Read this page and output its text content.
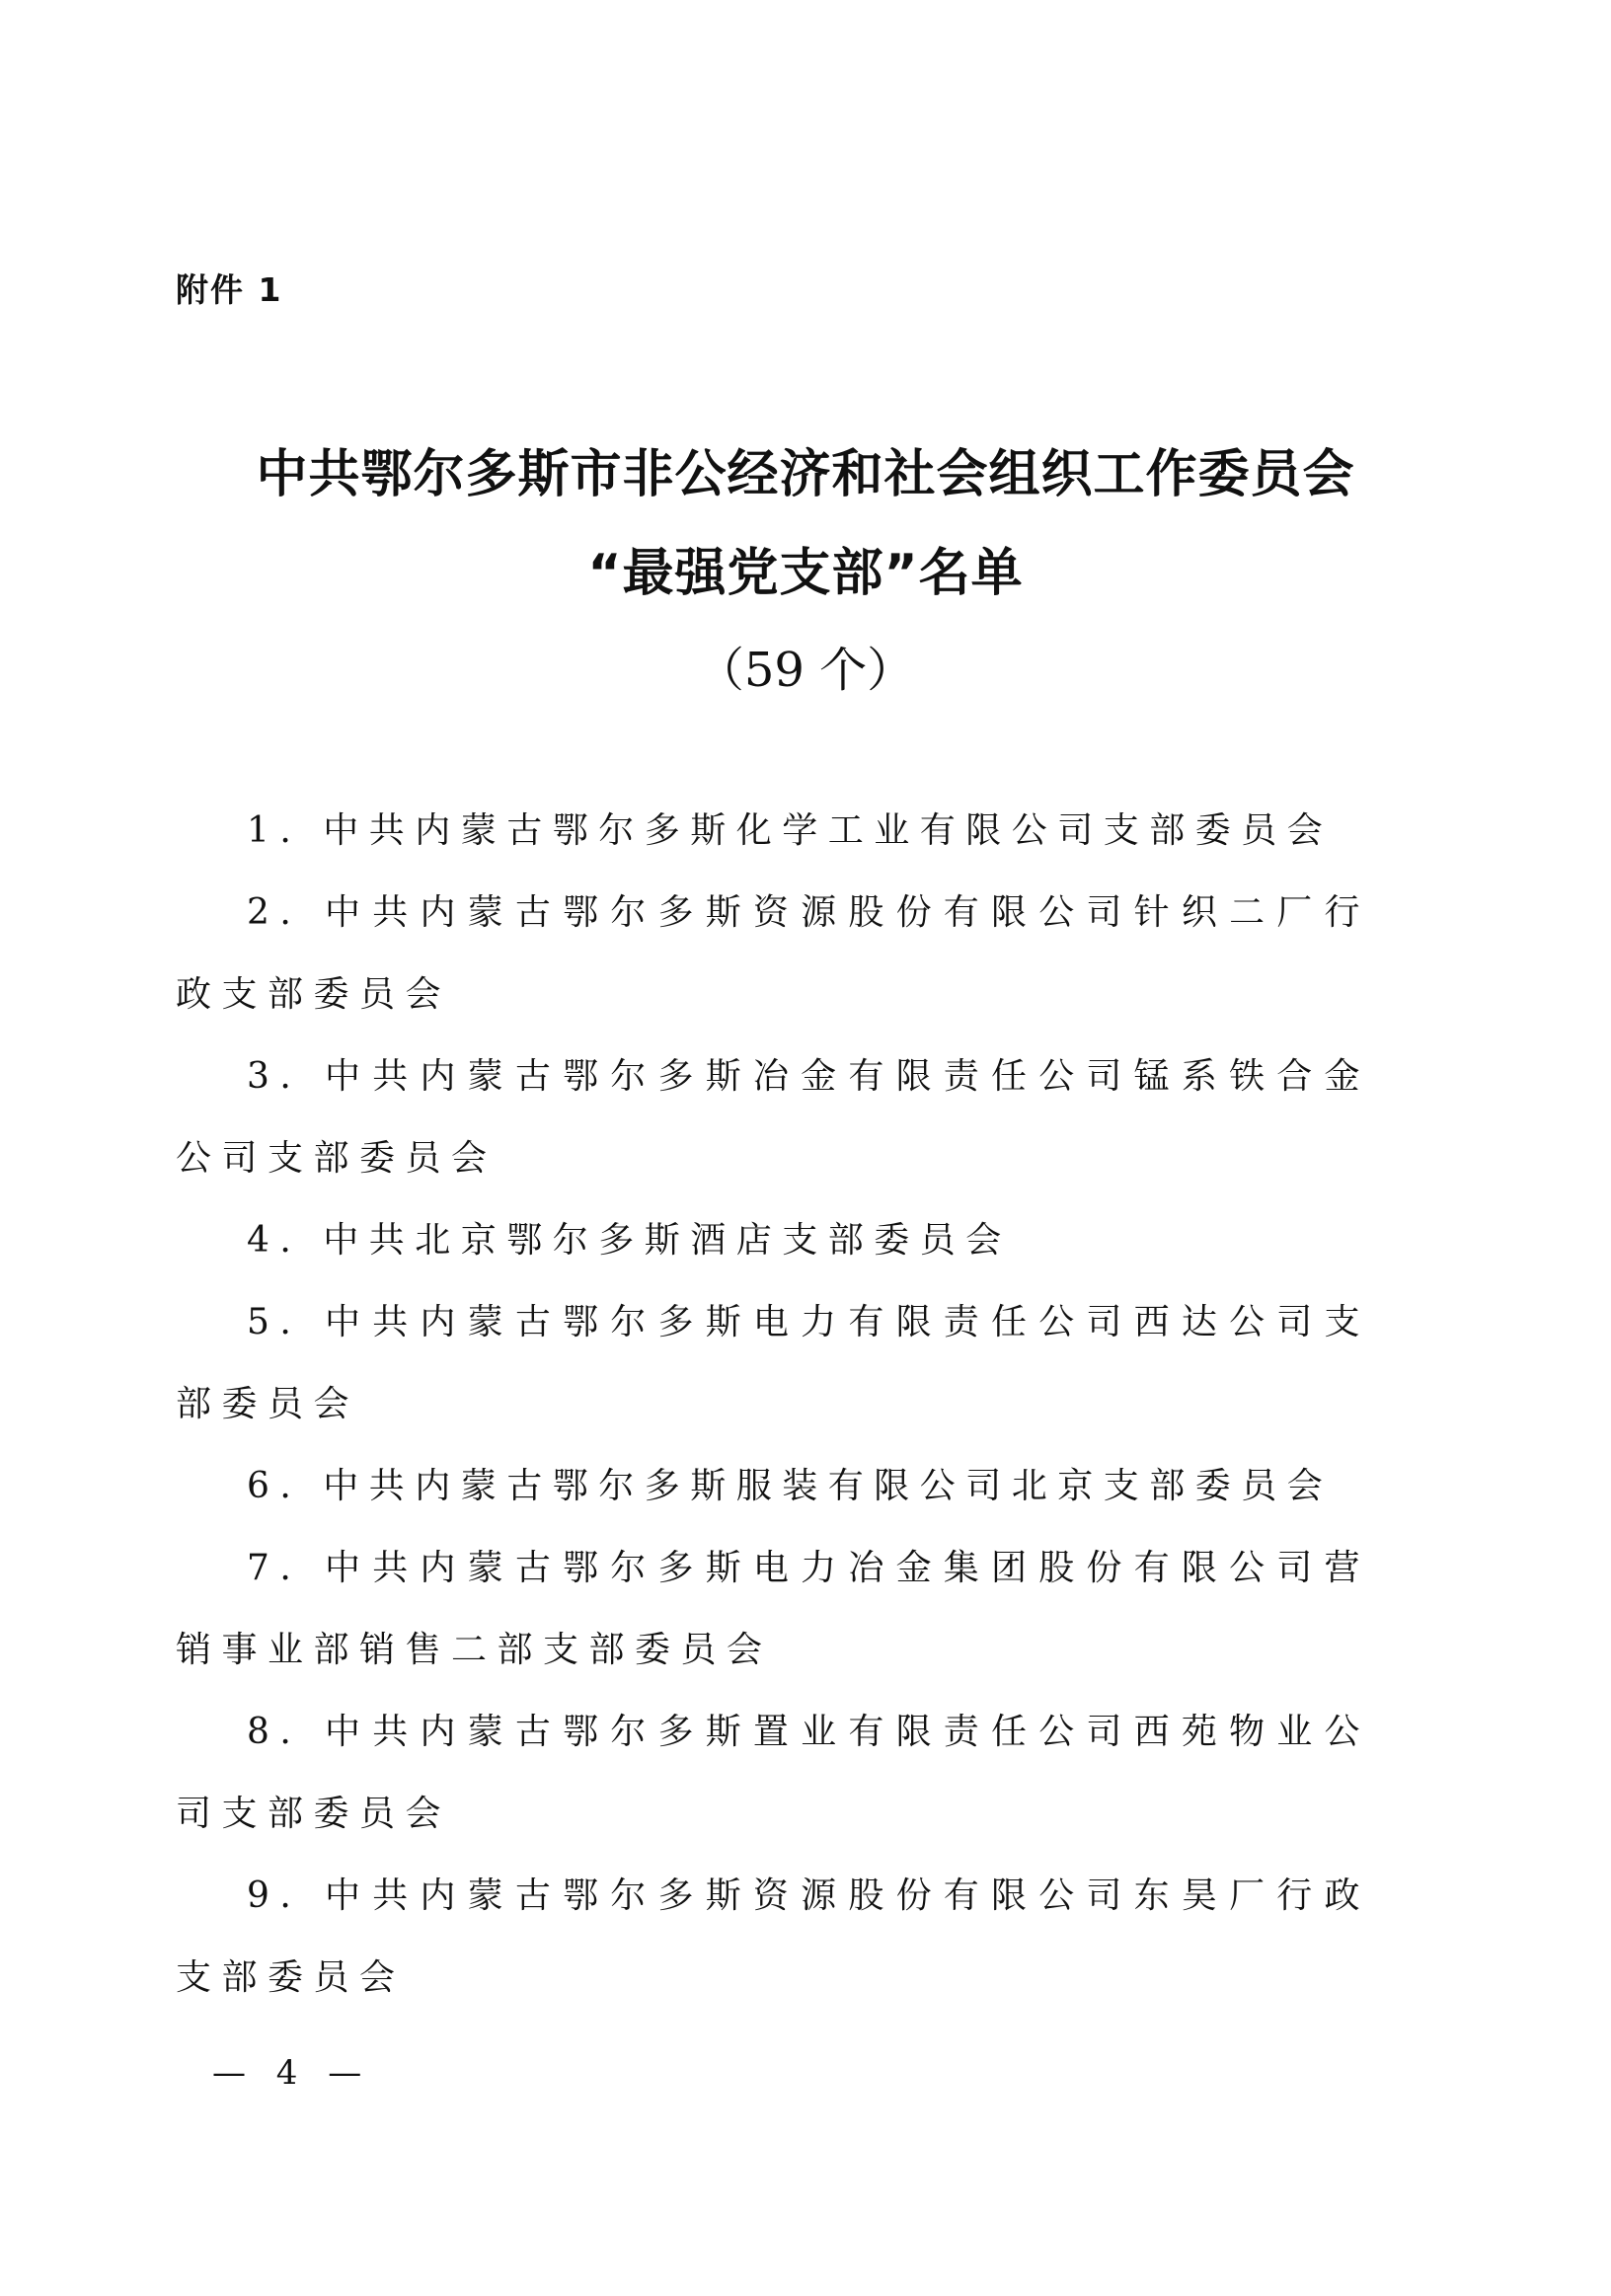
附件 1
中共鄂尔多斯市非公经济和社会组织工作委员会
“最强党支部”名单
（59 个）

1. 中共内蒙古鄂尔多斯化学工业有限公司支部委员会

2. 中共内蒙古鄂尔多斯资源股份有限公司针织二厂行政支部委员会

3. 中共内蒙古鄂尔多斯冶金有限责任公司锰系铁合金公司支部委员会

4. 中共北京鄂尔多斯酒店支部委员会

5. 中共内蒙古鄂尔多斯电力有限责任公司西达公司支部委员会

6. 中共内蒙古鄂尔多斯服装有限公司北京支部委员会

7. 中共内蒙古鄂尔多斯电力冶金集团股份有限公司营销事业部销售二部支部委员会

8. 中共内蒙古鄂尔多斯置业有限责任公司西苑物业公司支部委员会

9. 中共内蒙古鄂尔多斯资源股份有限公司东昊厂行政支部委员会

— 4 —
